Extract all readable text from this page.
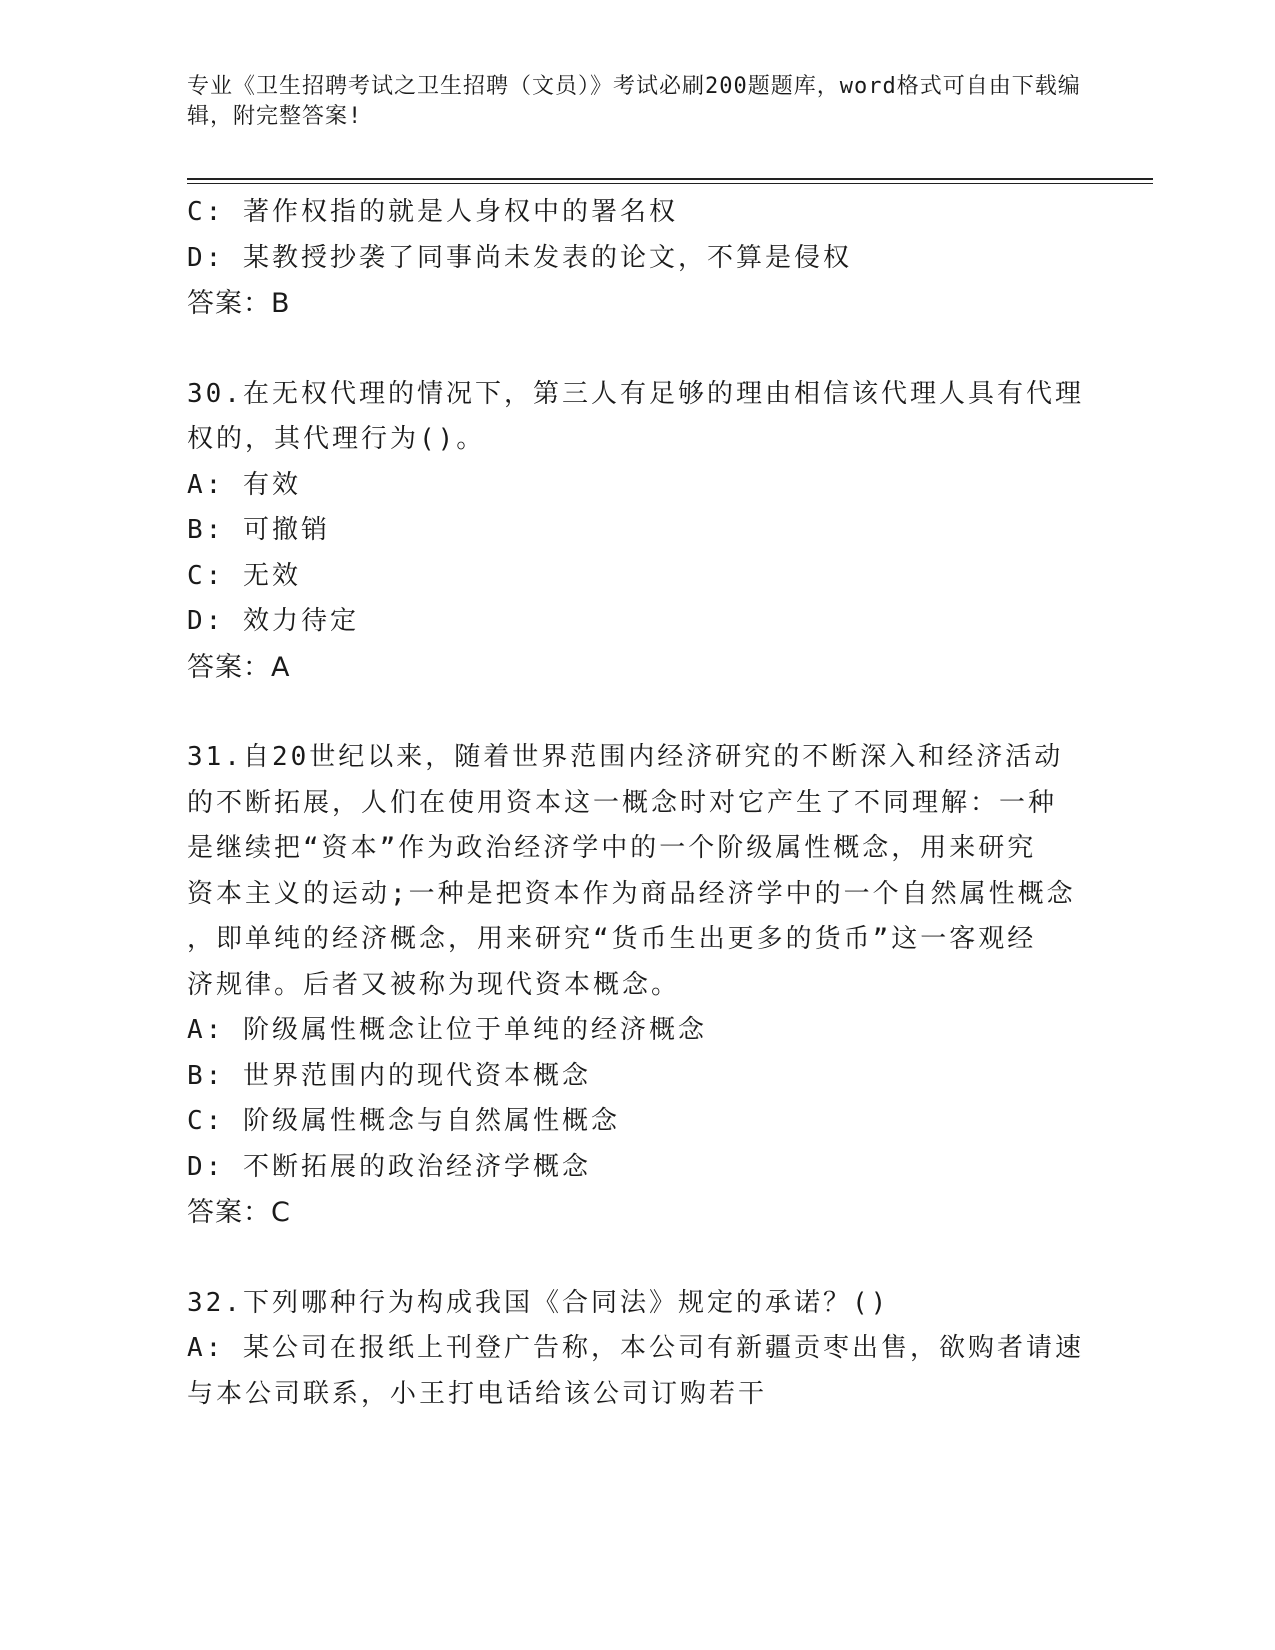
专业《卫生招聘考试之卫生招聘（文员）》考试必刷200题题库，word格式可自由下载编辑，附完整答案!
C: 著作权指的就是人身权中的署名权
D: 某教授抄袭了同事尚未发表的论文，不算是侵权
答案：B
30.在无权代理的情况下，第三人有足够的理由相信该代理人具有代理
权的，其代理行为()。
A: 有效
B: 可撤销
C: 无效
D: 效力待定
答案：A
31.自20世纪以来，随着世界范围内经济研究的不断深入和经济活动
的不断拓展，人们在使用资本这一概念时对它产生了不同理解：一种
是继续把“资本”作为政治经济学中的一个阶级属性概念，用来研究
资本主义的运动;一种是把资本作为商品经济学中的一个自然属性概念
，即单纯的经济概念，用来研究“货币生出更多的货币”这一客观经
济规律。后者又被称为现代资本概念。
A: 阶级属性概念让位于单纯的经济概念
B: 世界范围内的现代资本概念
C: 阶级属性概念与自然属性概念
D: 不断拓展的政治经济学概念
答案：C
32.下列哪种行为构成我国《合同法》规定的承诺？()
A: 某公司在报纸上刊登广告称，本公司有新疆贡枣出售，欲购者请速
与本公司联系，小王打电话给该公司订购若干
